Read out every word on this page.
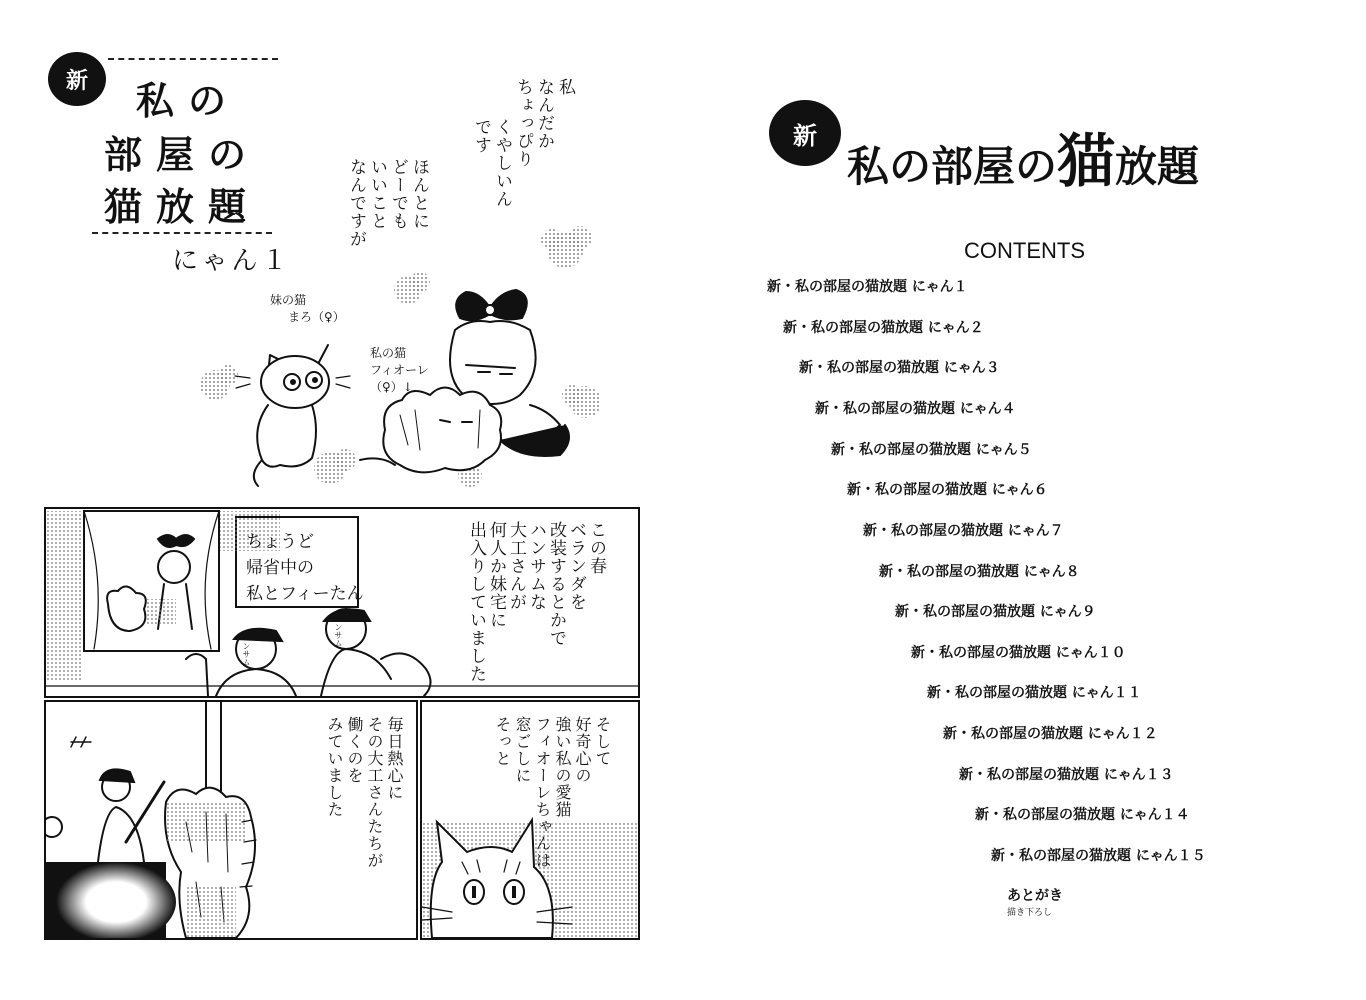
新	私の
部屋の
猫放題
にゃん１
妹の猫
まろ（♀）
私の猫
フィオーレ
（♀）↓
私
なんだか
ちょっぴり
くやしいん
です
ほんとに
どーでも
いいこと
なんですが
ちょうど
帰省中の
私とフィーたん
ハンサム
ハンサム
この春
ベランダを
改装するとかで
ハンサムな
大工さんが
何人か妹宅に
出入りしていました
毎日熱心に
その大工さんたちが
働くのを
みていました	そして
好奇心の
強い私の愛猫
フィオーレちゃんは
窓ごしに
そっと
新
私の部屋の猫放題
CONTENTS
新・私の部屋の猫放題 にゃん１
新・私の部屋の猫放題 にゃん２
新・私の部屋の猫放題 にゃん３
新・私の部屋の猫放題 にゃん４
新・私の部屋の猫放題 にゃん５
新・私の部屋の猫放題 にゃん６
新・私の部屋の猫放題 にゃん７
新・私の部屋の猫放題 にゃん８
新・私の部屋の猫放題 にゃん９
新・私の部屋の猫放題 にゃん１０
新・私の部屋の猫放題 にゃん１１
新・私の部屋の猫放題 にゃん１２
新・私の部屋の猫放題 にゃん１３
新・私の部屋の猫放題 にゃん１４
新・私の部屋の猫放題 にゃん１５
あとがき
描き下ろし
